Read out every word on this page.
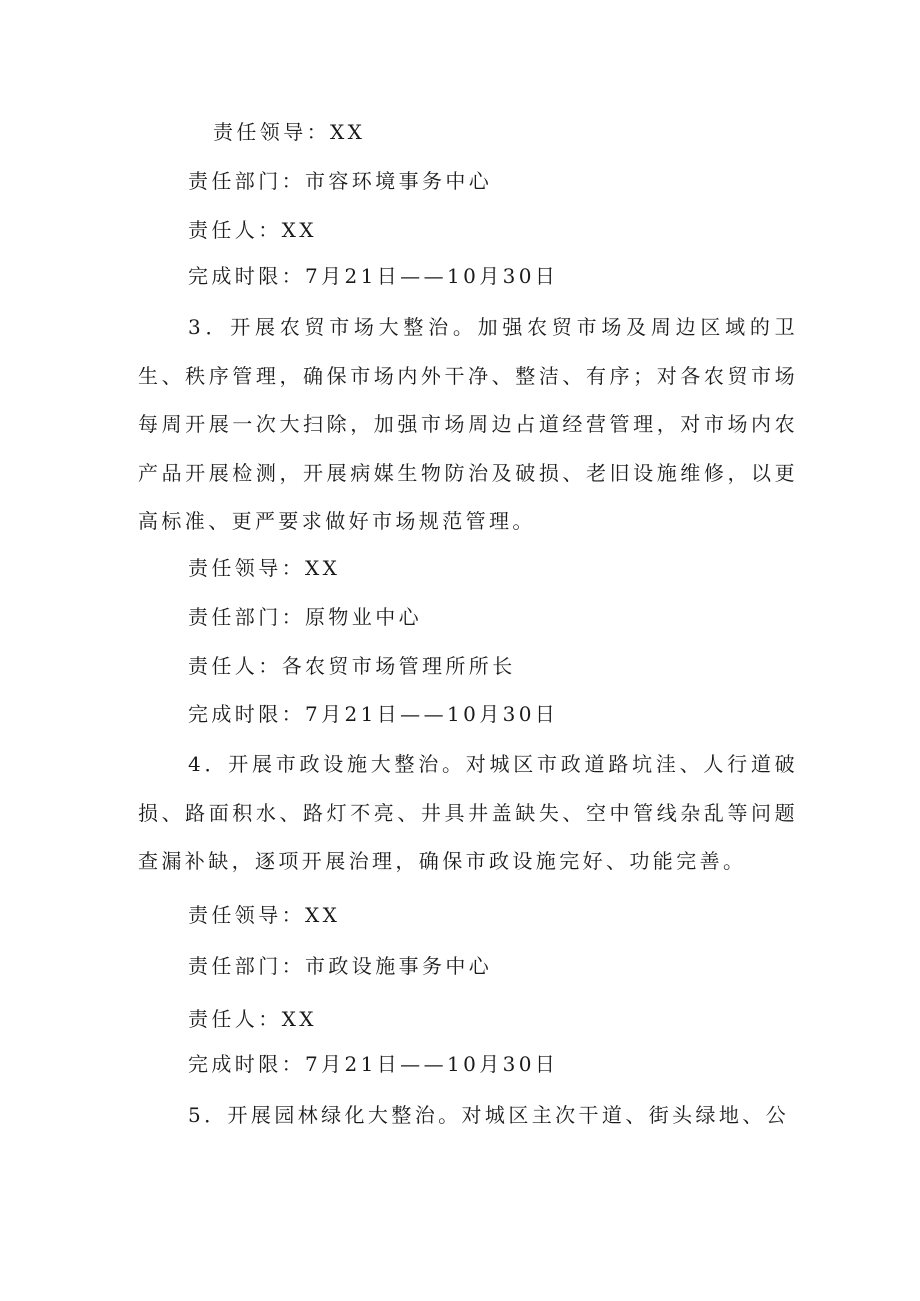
责任领导：XX

责任部门：市容环境事务中心

责任人：XX

完成时限：7月21日——10月30日

3．开展农贸市场大整治。加强农贸市场及周边区域的卫生、秩序管理，确保市场内外干净、整洁、有序；对各农贸市场每周开展一次大扫除，加强市场周边占道经营管理，对市场内农产品开展检测，开展病媒生物防治及破损、老旧设施维修，以更高标准、更严要求做好市场规范管理。

责任领导：XX

责任部门：原物业中心

责任人：各农贸市场管理所所长

完成时限：7月21日——10月30日

4．开展市政设施大整治。对城区市政道路坑洼、人行道破损、路面积水、路灯不亮、井具井盖缺失、空中管线杂乱等问题查漏补缺，逐项开展治理，确保市政设施完好、功能完善。

责任领导：XX

责任部门：市政设施事务中心

责任人：XX

完成时限：7月21日——10月30日

5．开展园林绿化大整治。对城区主次干道、街头绿地、公
